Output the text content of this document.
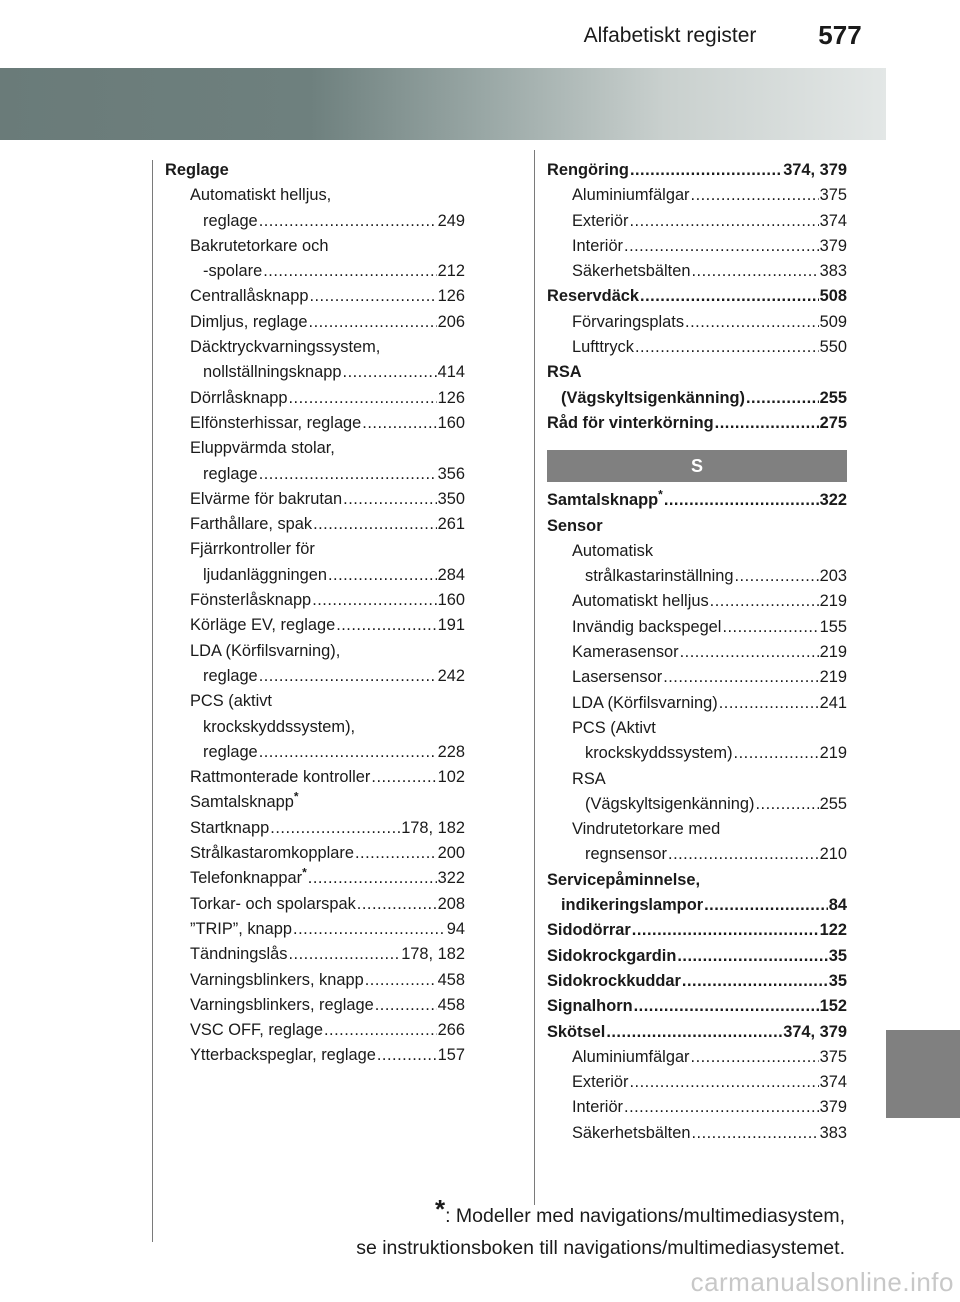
577
Alfabetiskt register
Reglage
Automatiskt helljus,
reglage .....	249
Bakrutetorkare och
-spolare .....	212
Centrallåsknapp .....	126
Dimljus, reglage .....	206
Däcktryckvarningssystem,
nollställningsknapp .....	414
Dörrlåsknapp .....	126
Elfönsterhissar, reglage .....	160
Eluppvärmda stolar,
reglage .....	356
Elvärme för bakrutan .....	350
Farthållare, spak .....	261
Fjärrkontroller för
ljudanläggningen .....	284
Fönsterlåsknapp .....	160
Körläge EV, reglage .....	191
LDA (Körfilsvarning),
reglage .....	242
PCS (aktivt
krockskyddssystem),
reglage .....	228
Rattmonterade kontroller .....	102
Samtalsknapp*
Startknapp .....	178, 182
Strålkastaromkopplare .....	200
Telefonknappar* .....	322
Torkar- och spolarspak .....	208
”TRIP”, knapp .....	94
Tändningslås .....	178, 182
Varningsblinkers, knapp .....	458
Varningsblinkers, reglage .....	458
VSC OFF, reglage .....	266
Ytterbackspeglar, reglage .....	157
Rengöring .....	374, 379
Aluminiumfälgar .....	375
Exteriör .....	374
Interiör .....	379
Säkerhetsbälten .....	383
Reservdäck .....	508
Förvaringsplats .....	509
Lufttryck .....	550
RSA
(Vägskyltsigenkänning) .....	255
Råd för vinterkörning .....	275
S
Samtalsknapp* .....	322
Sensor
Automatisk
strålkastarinställning .....	203
Automatiskt helljus .....	219
Invändig backspegel .....	155
Kamerasensor .....	219
Lasersensor .....	219
LDA (Körfilsvarning) .....	241
PCS (Aktivt
krockskyddssystem) .....	219
RSA
(Vägskyltsigenkänning) .....	255
Vindrutetorkare med
regnsensor .....	210
Servicepåminnelse,
indikeringslampor .....	84
Sidodörrar .....	122
Sidokrockgardin .....	35
Sidokrockkuddar .....	35
Signalhorn .....	152
Skötsel .....	374, 379
Aluminiumfälgar .....	375
Exteriör .....	374
Interiör .....	379
Säkerhetsbälten .....	383
*: Modeller med navigations/multimediasystem,
se instruktionsboken till navigations/multimediasystemet.
carmanualsonline.info
